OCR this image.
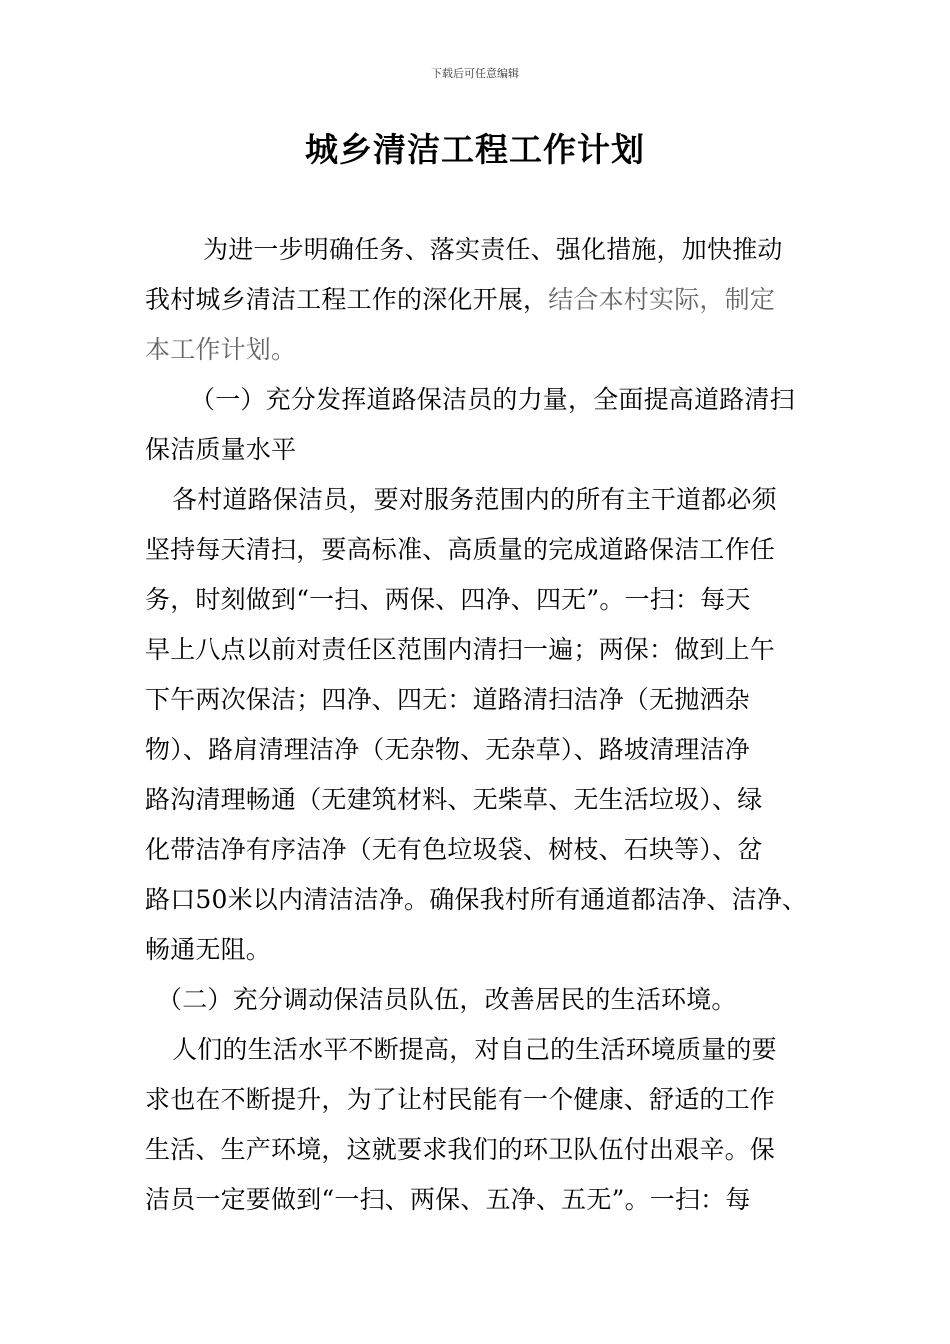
下载后可任意编辑
城乡清洁工程工作计划
为进一步明确任务、落实责任、强化措施，加快推动
我村城乡清洁工程工作的深化开展，结合本村实际，制定
本工作计划。
（一）充分发挥道路保洁员的力量，全面提高道路清扫
保洁质量水平
各村道路保洁员，要对服务范围内的所有主干道都必须
坚持每天清扫，要高标准、高质量的完成道路保洁工作任
务，时刻做到“一扫、两保、四净、四无”。一扫：每天
早上八点以前对责任区范围内清扫一遍；两保：做到上午
下午两次保洁；四净、四无：道路清扫洁净（无抛洒杂
物）、路肩清理洁净（无杂物、无杂草）、路坡清理洁净
路沟清理畅通（无建筑材料、无柴草、无生活垃圾）、绿
化带洁净有序洁净（无有色垃圾袋、树枝、石块等）、岔
路口50米以内清洁洁净。确保我村所有通道都洁净、洁净、
畅通无阻。
（二）充分调动保洁员队伍，改善居民的生活环境。
人们的生活水平不断提高，对自己的生活环境质量的要
求也在不断提升，为了让村民能有一个健康、舒适的工作
生活、生产环境，这就要求我们的环卫队伍付出艰辛。保
洁员一定要做到“一扫、两保、五净、五无”。一扫：每
